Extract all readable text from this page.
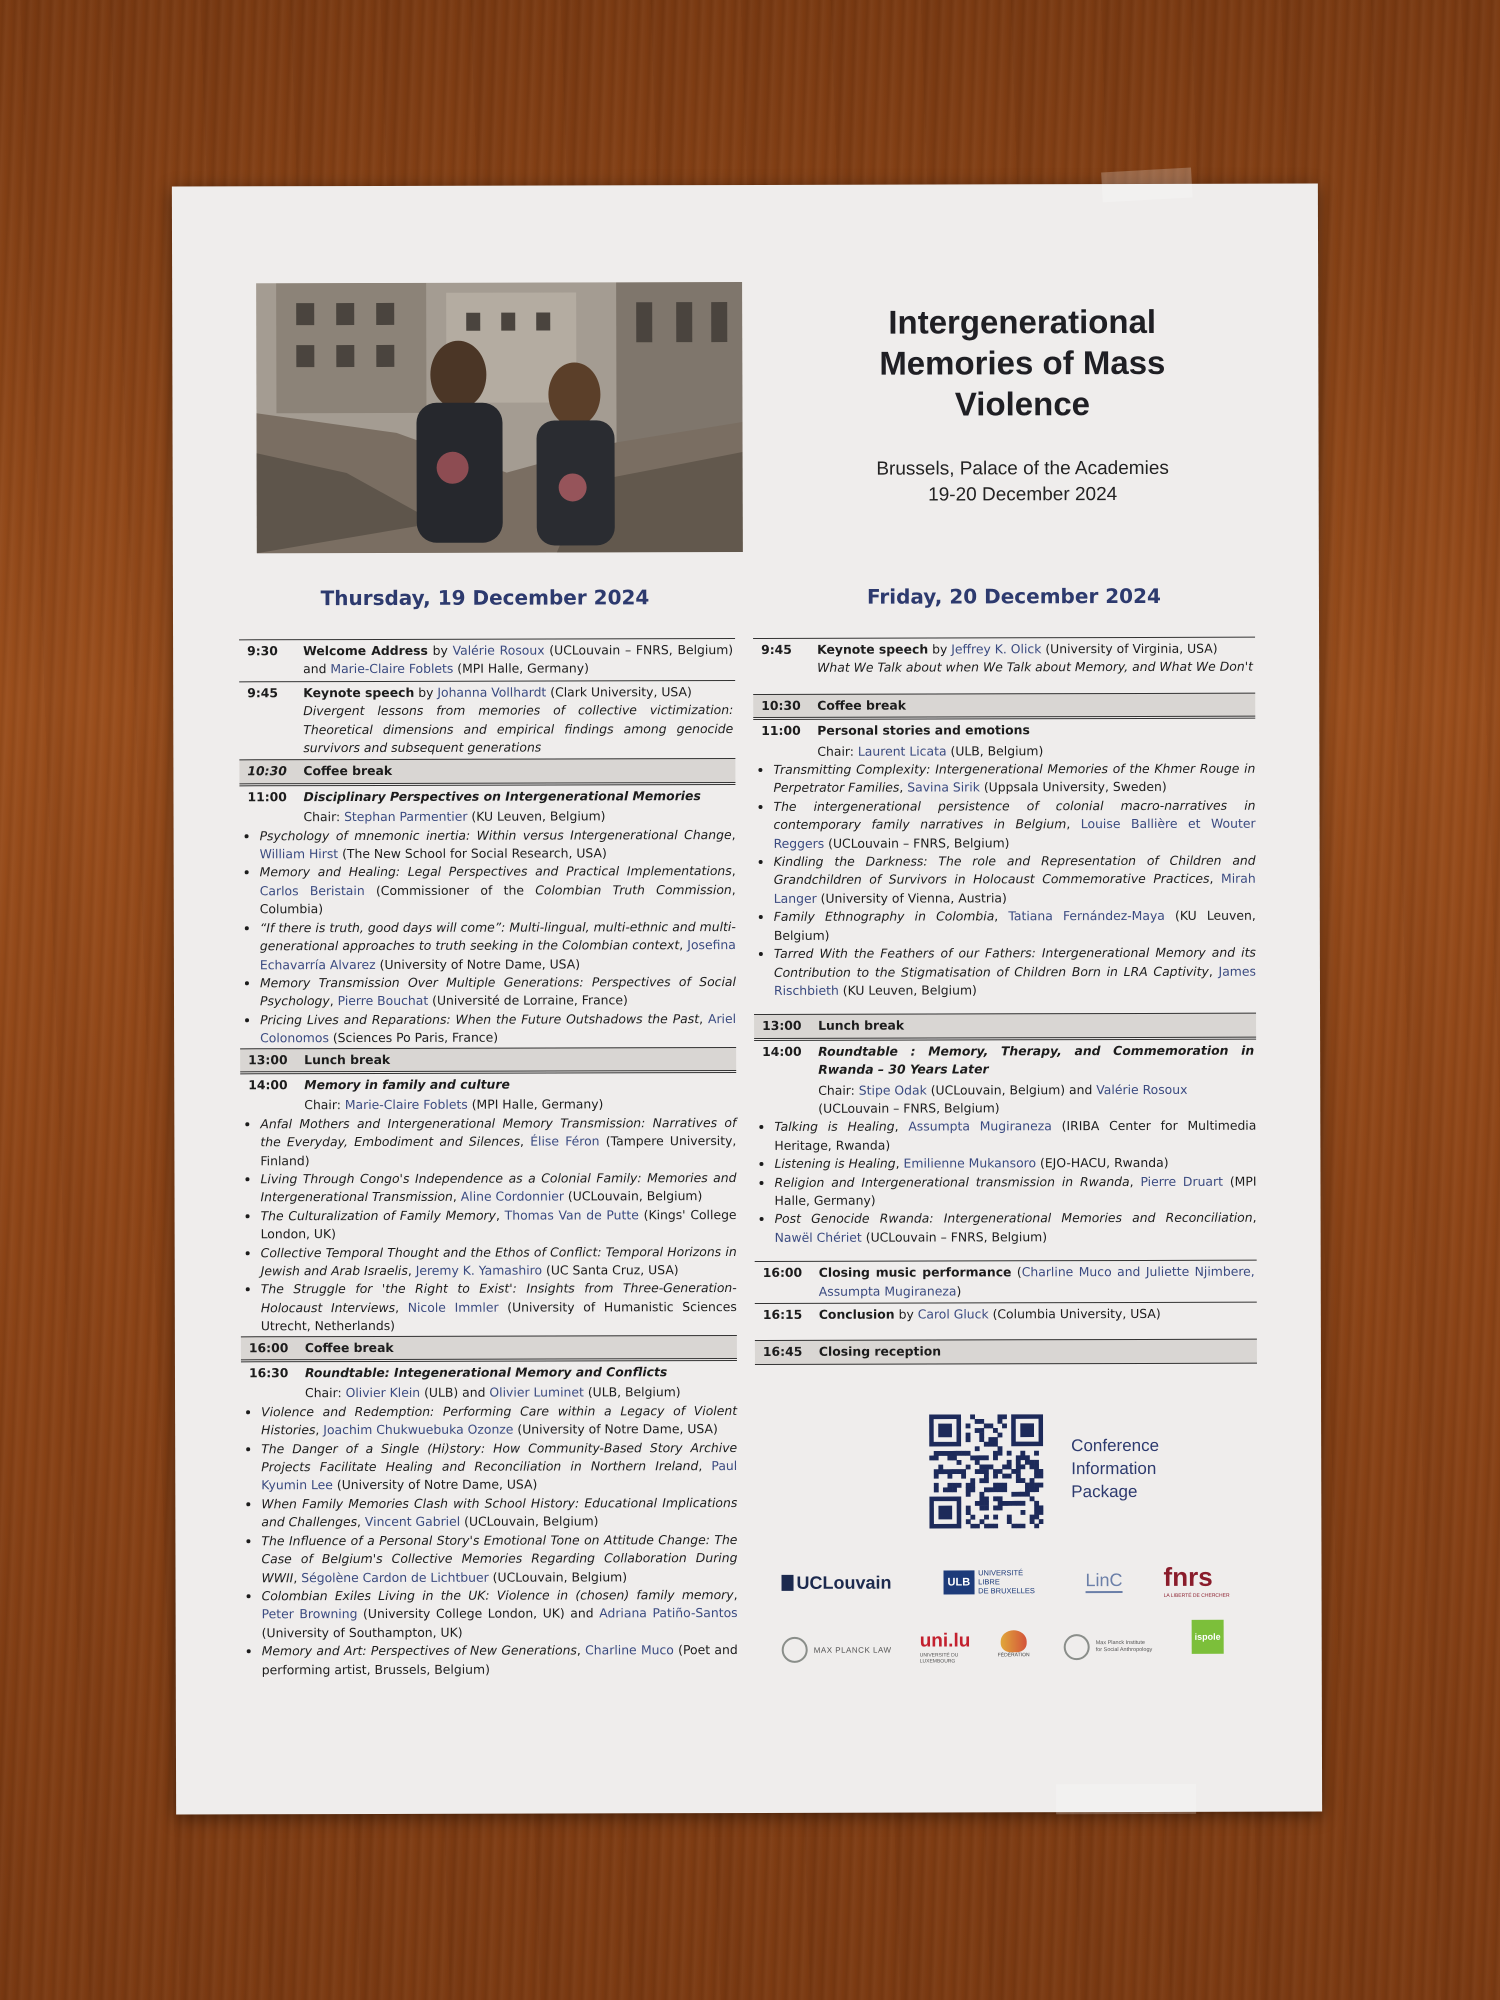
Intergenerational
Memories of Mass
Violence
Brussels, Palace of the Academies
19-20 December 2024
Thursday, 19 December 2024	Friday, 20 December 2024
9:30	Welcome Address by Valérie Rosoux (UCLouvain – FNRS, Belgium) and Marie-Claire Foblets (MPI Halle, Germany)
9:45	Keynote speech by Johanna Vollhardt (Clark University, USA)
Divergent lessons from memories of collective victimization: Theoretical dimensions and empirical findings among genocide survivors and subsequent generations
10:30	Coffee break
11:00	Disciplinary Perspectives on Intergenerational Memories
Chair: Stephan Parmentier (KU Leuven, Belgium)
• Psychology of mnemonic inertia: Within versus Intergenerational Change, William Hirst (The New School for Social Research, USA)
• Memory and Healing: Legal Perspectives and Practical Implementations, Carlos Beristain (Commissioner of the Colombian Truth Commission, Columbia)
• “If there is truth, good days will come”: Multi-lingual, multi-ethnic and multi-generational approaches to truth seeking in the Colombian context, Josefina Echavarría Alvarez (University of Notre Dame, USA)
• Memory Transmission Over Multiple Generations: Perspectives of Social Psychology, Pierre Bouchat (Université de Lorraine, France)
• Pricing Lives and Reparations: When the Future Outshadows the Past, Ariel Colonomos (Sciences Po Paris, France)
13:00	Lunch break
14:00	Memory in family and culture
Chair: Marie-Claire Foblets (MPI Halle, Germany)
• Anfal Mothers and Intergenerational Memory Transmission: Narratives of the Everyday, Embodiment and Silences, Élise Féron (Tampere University, Finland)
• Living Through Congo's Independence as a Colonial Family: Memories and Intergenerational Transmission, Aline Cordonnier (UCLouvain, Belgium)
• The Culturalization of Family Memory, Thomas Van de Putte (Kings' College London, UK)
• Collective Temporal Thought and the Ethos of Conflict: Temporal Horizons in Jewish and Arab Israelis, Jeremy K. Yamashiro (UC Santa Cruz, USA)
• The Struggle for 'the Right to Exist': Insights from Three-Generation-Holocaust Interviews, Nicole Immler (University of Humanistic Sciences Utrecht, Netherlands)
16:00	Coffee break
16:30	Roundtable: Integenerational Memory and Conflicts
Chair: Olivier Klein (ULB) and Olivier Luminet (ULB, Belgium)
• Violence and Redemption: Performing Care within a Legacy of Violent Histories, Joachim Chukwuebuka Ozonze (University of Notre Dame, USA)
• The Danger of a Single (Hi)story: How Community-Based Story Archive Projects Facilitate Healing and Reconciliation in Northern Ireland, Paul Kyumin Lee (University of Notre Dame, USA)
• When Family Memories Clash with School History: Educational Implications and Challenges, Vincent Gabriel (UCLouvain, Belgium)
• The Influence of a Personal Story's Emotional Tone on Attitude Change: The Case of Belgium's Collective Memories Regarding Collaboration During WWII, Ségolène Cardon de Lichtbuer (UCLouvain, Belgium)
• Colombian Exiles Living in the UK: Violence in (chosen) family memory, Peter Browning (University College London, UK) and Adriana Patiño-Santos (University of Southampton, UK)
• Memory and Art: Perspectives of New Generations, Charline Muco (Poet and performing artist, Brussels, Belgium)
9:45	Keynote speech by Jeffrey K. Olick (University of Virginia, USA)
What We Talk about when We Talk about Memory, and What We Don't
10:30	Coffee break
11:00	Personal stories and emotions
Chair: Laurent Licata (ULB, Belgium)
• Transmitting Complexity: Intergenerational Memories of the Khmer Rouge in Perpetrator Families, Savina Sirik (Uppsala University, Sweden)
• The intergenerational persistence of colonial macro-narratives in contemporary family narratives in Belgium, Louise Ballière et Wouter Reggers (UCLouvain – FNRS, Belgium)
• Kindling the Darkness: The role and Representation of Children and Grandchildren of Survivors in Holocaust Commemorative Practices, Mirah Langer (University of Vienna, Austria)
• Family Ethnography in Colombia, Tatiana Fernández-Maya (KU Leuven, Belgium)
• Tarred With the Feathers of our Fathers: Intergenerational Memory and its Contribution to the Stigmatisation of Children Born in LRA Captivity, James Rischbieth (KU Leuven, Belgium)
13:00	Lunch break
14:00	Roundtable : Memory, Therapy, and Commemoration in Rwanda – 30 Years Later
Chair: Stipe Odak (UCLouvain, Belgium) and Valérie Rosoux (UCLouvain – FNRS, Belgium)
• Talking is Healing, Assumpta Mugiraneza (IRIBA Center for Multimedia Heritage, Rwanda)
• Listening is Healing, Emilienne Mukansoro (EJO-HACU, Rwanda)
• Religion and Intergenerational transmission in Rwanda, Pierre Druart (MPI Halle, Germany)
• Post Genocide Rwanda: Intergenerational Memories and Reconciliation, Nawël Chériet (UCLouvain – FNRS, Belgium)
16:00	Closing music performance (Charline Muco and Juliette Njimbere, Assumpta Mugiraneza)
16:15	Conclusion by Carol Gluck (Columbia University, USA)
16:45	Closing reception
Conference
Information
Package
UCLouvain	ULB
UNIVERSITÉ
LIBRE
DE BRUXELLES
LinC fnrs
LA LIBERTÉ DE CHERCHER
MAX PLANCK LAW uni.lu
UNIVERSITÉ DU
LUXEMBOURG
FÉDÉRATION
Max Planck Institute
for Social Anthropology
ispole
